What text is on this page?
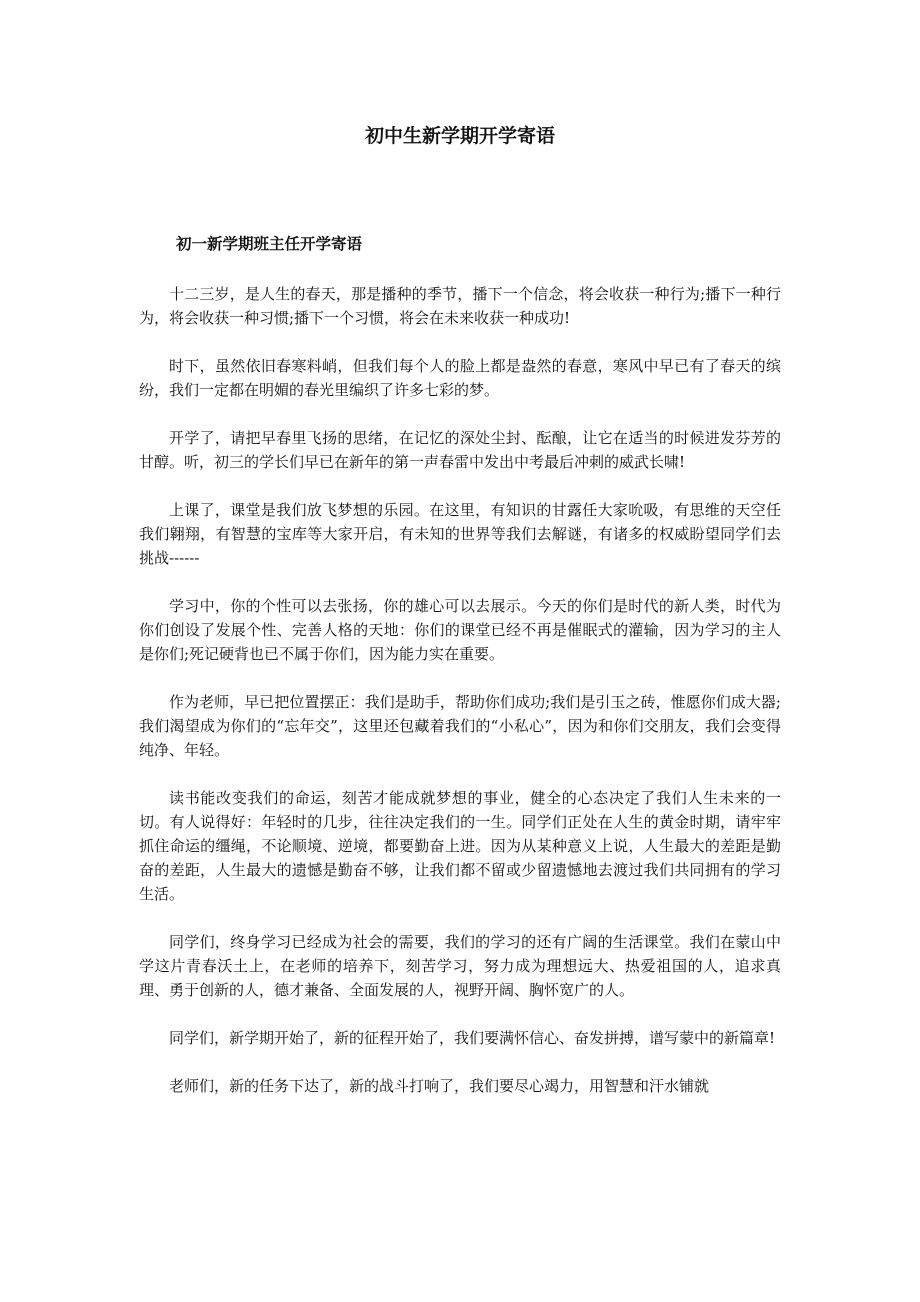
初中生新学期开学寄语
初一新学期班主任开学寄语

十二三岁，是人生的春天，那是播种的季节，播下一个信念，将会收获一种行为;播下一种行为，将会收获一种习惯;播下一个习惯，将会在未来收获一种成功!

时下，虽然依旧春寒料峭，但我们每个人的脸上都是盎然的春意，寒风中早已有了春天的缤纷，我们一定都在明媚的春光里编织了许多七彩的梦。

开学了，请把早春里飞扬的思绪，在记忆的深处尘封、酝酿，让它在适当的时候进发芬芳的甘醇。听，初三的学长们早已在新年的第一声春雷中发出中考最后冲刺的威武长啸!

上课了，课堂是我们放飞梦想的乐园。在这里，有知识的甘露任大家吮吸，有思维的天空任我们翱翔，有智慧的宝库等大家开启，有未知的世界等我们去解谜，有诸多的权威盼望同学们去挑战------

学习中，你的个性可以去张扬，你的雄心可以去展示。今天的你们是时代的新人类，时代为你们创设了发展个性、完善人格的天地：你们的课堂已经不再是催眠式的灌输，因为学习的主人是你们;死记硬背也已不属于你们，因为能力实在重要。

作为老师，早已把位置摆正：我们是助手，帮助你们成功;我们是引玉之砖，惟愿你们成大器;我们渴望成为你们的“忘年交”，这里还包藏着我们的“小私心”，因为和你们交朋友，我们会变得纯净、年轻。

读书能改变我们的命运，刻苦才能成就梦想的事业，健全的心态决定了我们人生未来的一切。有人说得好：年轻时的几步，往往决定我们的一生。同学们正处在人生的黄金时期，请牢牢抓住命运的缰绳，不论顺境、逆境，都要勤奋上进。因为从某种意义上说，人生最大的差距是勤奋的差距，人生最大的遗憾是勤奋不够，让我们都不留或少留遗憾地去渡过我们共同拥有的学习生活。

同学们，终身学习已经成为社会的需要，我们的学习的还有广阔的生活课堂。我们在蒙山中学这片青春沃土上，在老师的培养下，刻苦学习，努力成为理想远大、热爱祖国的人，追求真理、勇于创新的人，德才兼备、全面发展的人，视野开阔、胸怀宽广的人。

同学们，新学期开始了，新的征程开始了，我们要满怀信心、奋发拼搏，谱写蒙中的新篇章!

老师们，新的任务下达了，新的战斗打响了，我们要尽心竭力，用智慧和汗水铺就
